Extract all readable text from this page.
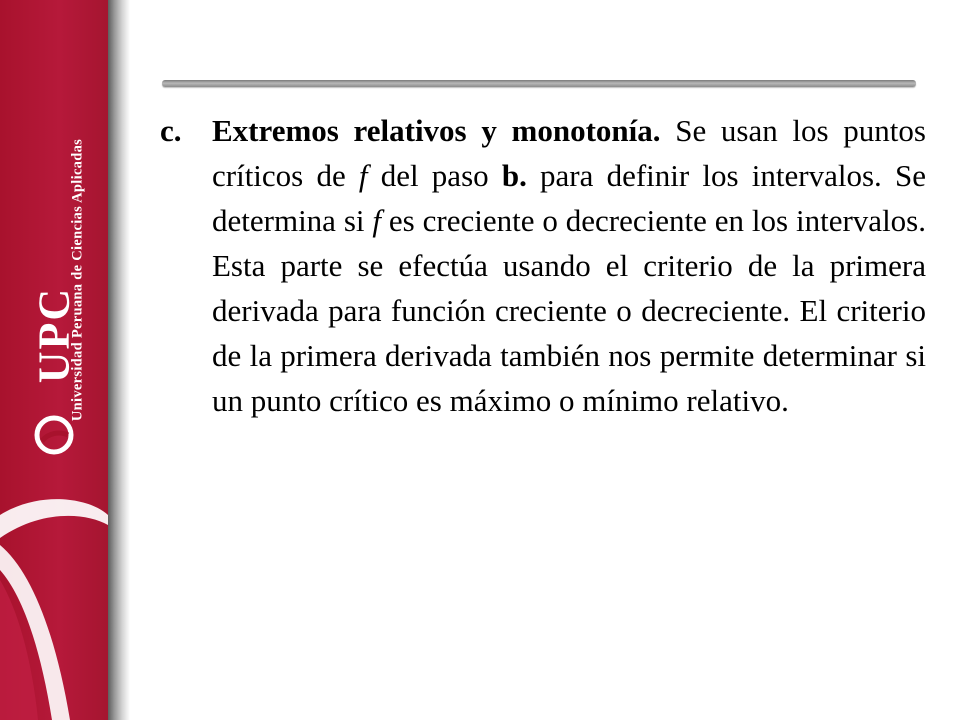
UPC
Universidad Peruana de Ciencias Aplicadas
c. Extremos relativos y monotonía. Se usan los puntos críticos de f del paso b. para definir los intervalos. Se determina si f es creciente o decreciente en los intervalos. Esta parte se efectúa usando el criterio de la primera derivada para función creciente o decreciente. El criterio de la primera derivada también nos permite determinar si un punto crítico es máximo o mínimo relativo.
